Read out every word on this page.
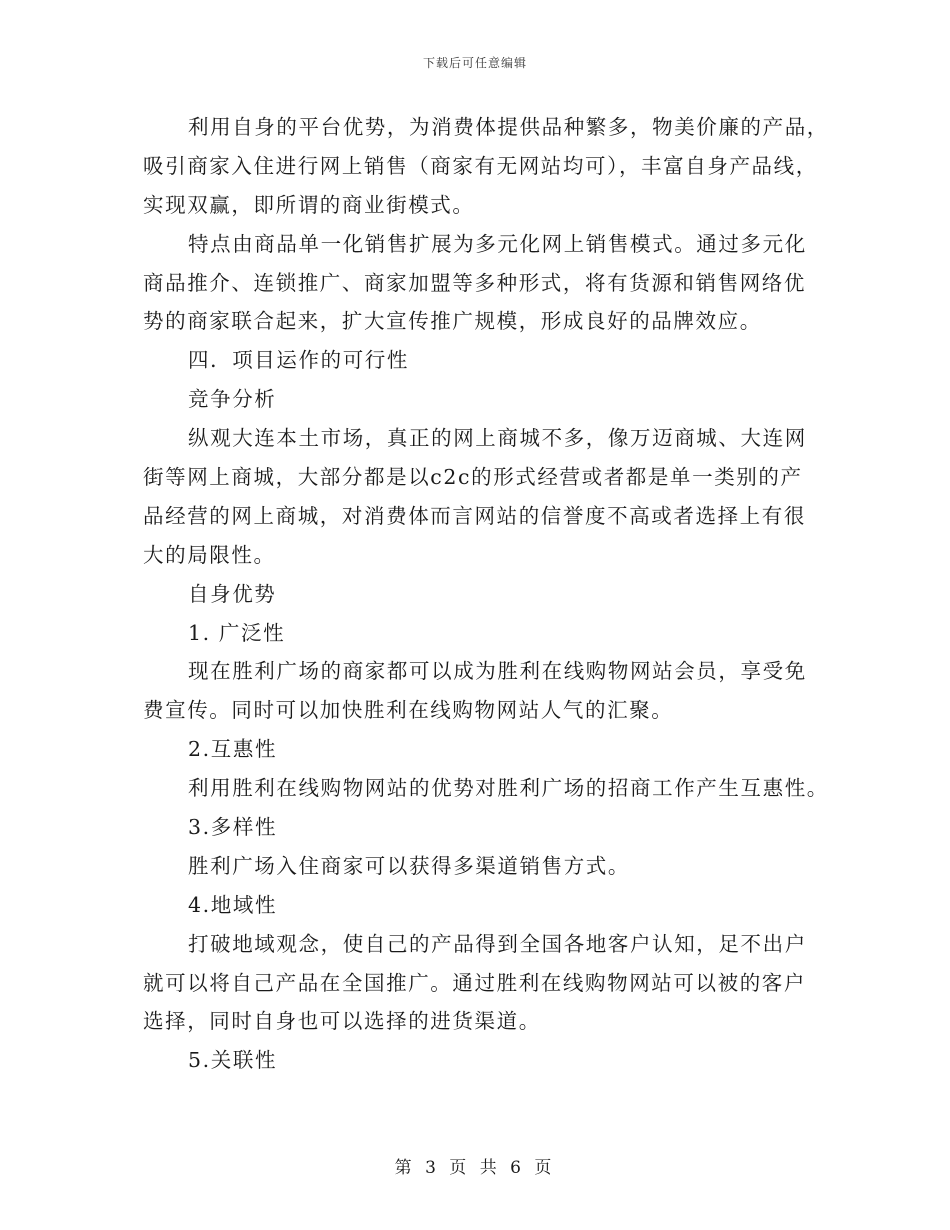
下载后可任意编辑
利用自身的平台优势，为消费体提供品种繁多，物美价廉的产品，
吸引商家入住进行网上销售（商家有无网站均可），丰富自身产品线，
实现双赢，即所谓的商业街模式。
特点由商品单一化销售扩展为多元化网上销售模式。通过多元化
商品推介、连锁推广、商家加盟等多种形式，将有货源和销售网络优
势的商家联合起来，扩大宣传推广规模，形成良好的品牌效应。
四．项目运作的可行性
竞争分析
纵观大连本土市场，真正的网上商城不多，像万迈商城、大连网
街等网上商城，大部分都是以c2c的形式经营或者都是单一类别的产
品经营的网上商城，对消费体而言网站的信誉度不高或者选择上有很
大的局限性。
自身优势
1. 广泛性
现在胜利广场的商家都可以成为胜利在线购物网站会员，享受免
费宣传。同时可以加快胜利在线购物网站人气的汇聚。
2.互惠性
利用胜利在线购物网站的优势对胜利广场的招商工作产生互惠性。
3.多样性
胜利广场入住商家可以获得多渠道销售方式。
4.地域性
打破地域观念，使自己的产品得到全国各地客户认知，足不出户
就可以将自己产品在全国推广。通过胜利在线购物网站可以被的客户
选择，同时自身也可以选择的进货渠道。
5.关联性
第 3 页 共 6 页
